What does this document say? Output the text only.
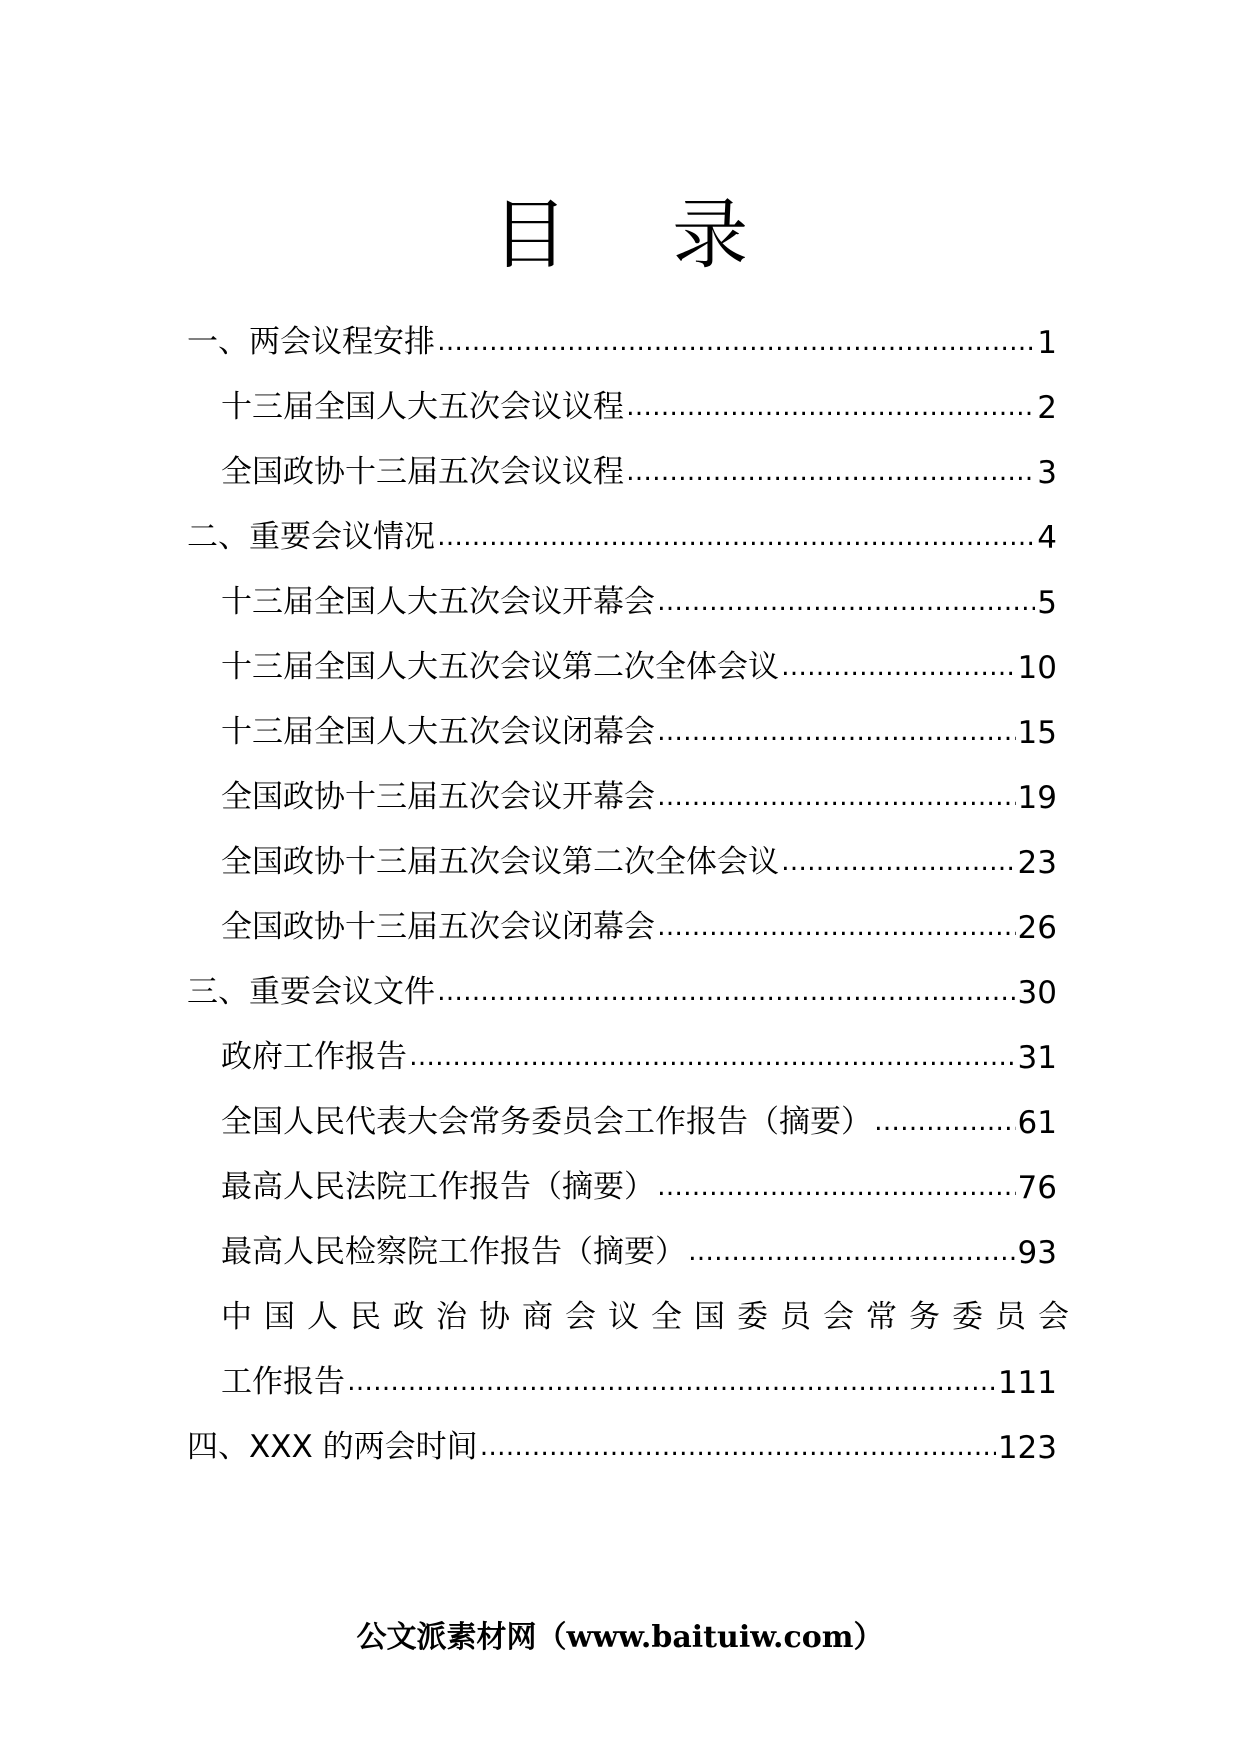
目 录
一、两会议程安排 ……………………………………………………………………………………………………………………………………………	1
十三届全国人大五次会议议程 ……………………………………………………………………………………………………………………………………………	2
全国政协十三届五次会议议程 ……………………………………………………………………………………………………………………………………………	3
二、重要会议情况 ……………………………………………………………………………………………………………………………………………	4
十三届全国人大五次会议开幕会 ……………………………………………………………………………………………………………………………………………	5
十三届全国人大五次会议第二次全体会议 ……………………………………………………………………………………………………………………………………………	10
十三届全国人大五次会议闭幕会 ……………………………………………………………………………………………………………………………………………	15
全国政协十三届五次会议开幕会 ……………………………………………………………………………………………………………………………………………	19
全国政协十三届五次会议第二次全体会议 ……………………………………………………………………………………………………………………………………………	23
全国政协十三届五次会议闭幕会 ……………………………………………………………………………………………………………………………………………	26
三、重要会议文件 ……………………………………………………………………………………………………………………………………………	30
政府工作报告 ……………………………………………………………………………………………………………………………………………	31
全国人民代表大会常务委员会工作报告（摘要） ……………………………………………………………………………………………………………………………………………	61
最高人民法院工作报告（摘要） ……………………………………………………………………………………………………………………………………………	76
最高人民检察院工作报告（摘要） ……………………………………………………………………………………………………………………………………………	93
中国人民政治协商会议全国委员会常务委员会
工作报告 ……………………………………………………………………………………………………………………………………………	111
四、XXX 的两会时间 ……………………………………………………………………………………………………………………………………………	123
公文派素材网（www.baituiw.com）
